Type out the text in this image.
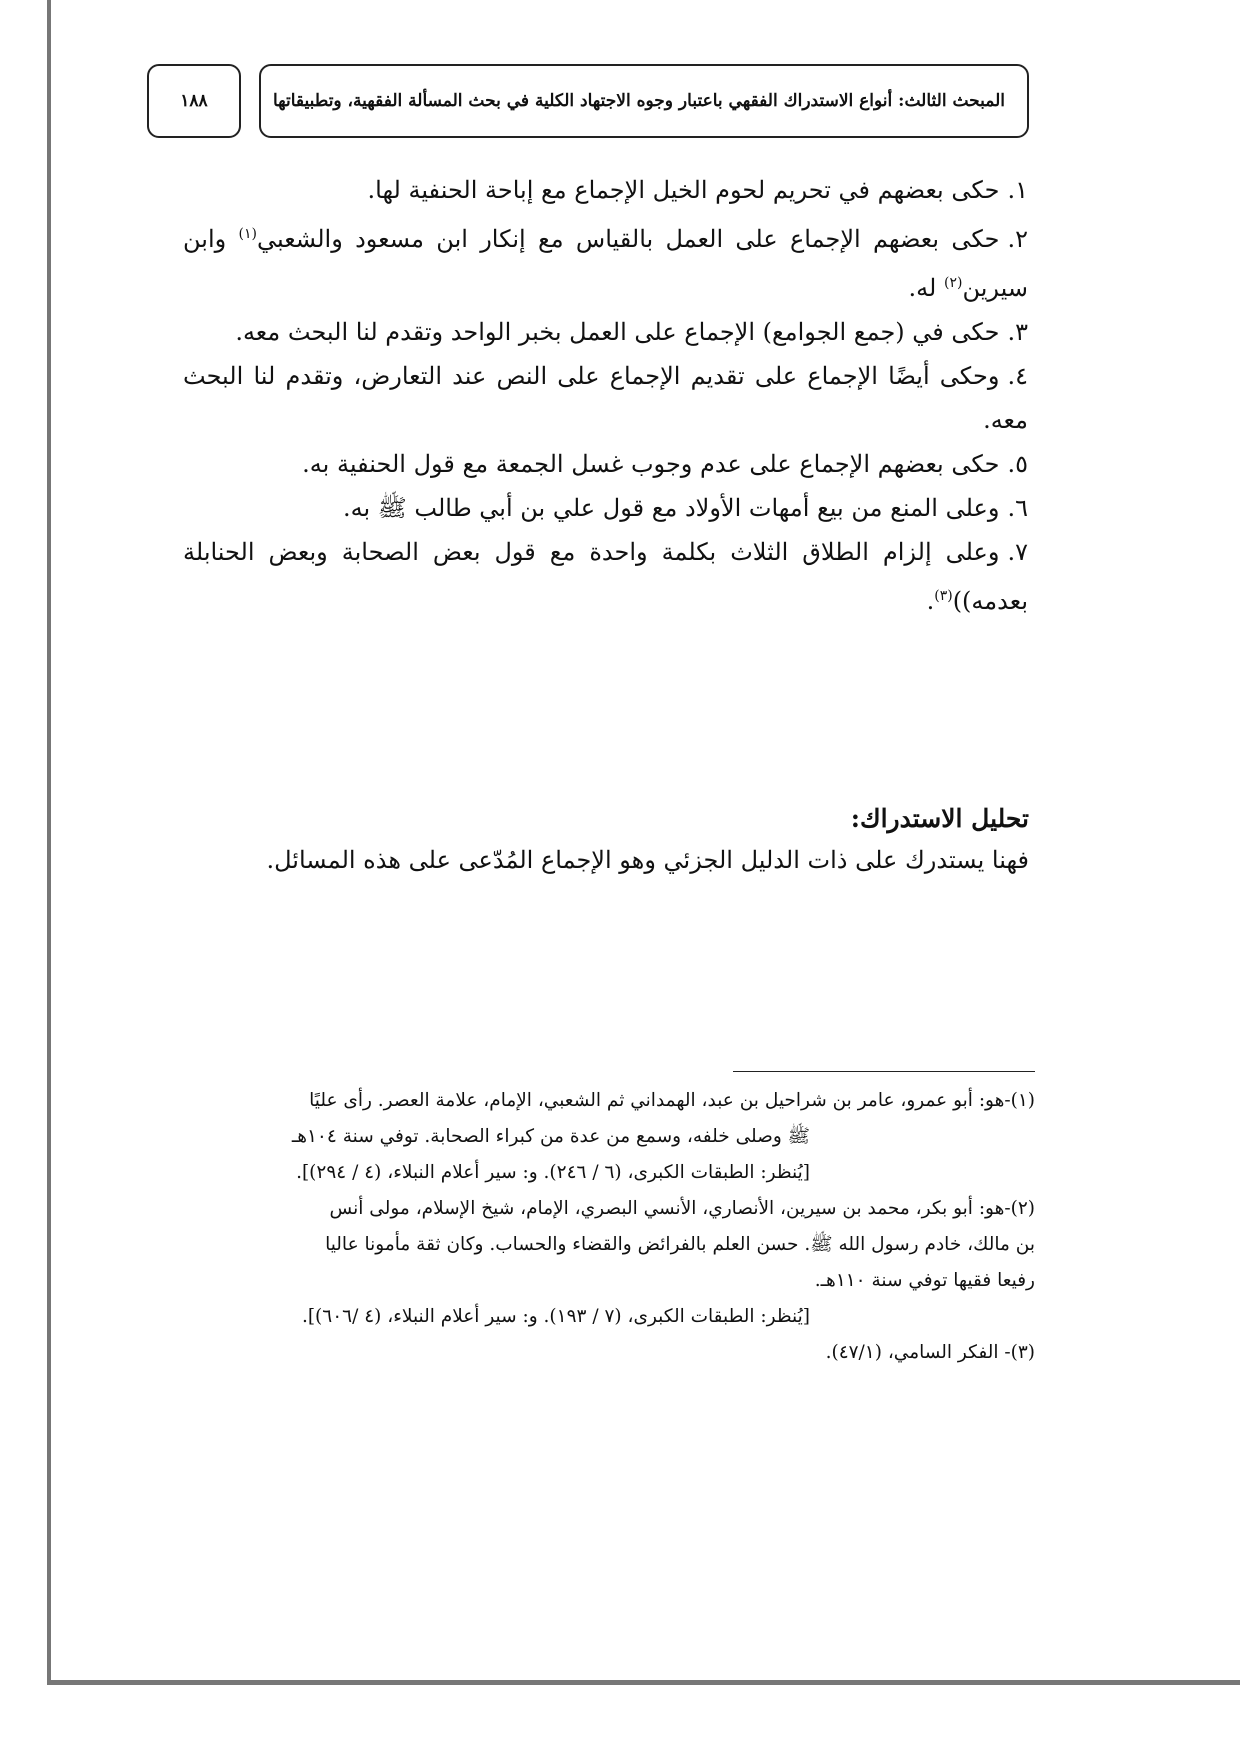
المبحث الثالث: أنواع الاستدراك الفقهي باعتبار وجوه الاجتهاد الكلية في بحث المسألة الفقهية، وتطبيقاتها
١٨٨
١.حكى بعضهم في تحريم لحوم الخيل الإجماع مع إباحة الحنفية لها.
٢.حكى بعضهم الإجماع على العمل بالقياس مع إنكار ابن مسعود والشعبي$^{(١)}$ وابن سيرين$^{(٢)}$ له.
٣.حكى في (جمع الجوامع) الإجماع على العمل بخبر الواحد وتقدم لنا البحث معه.
٤.وحكى أيضًا الإجماع على تقديم الإجماع على النص عند التعارض، وتقدم لنا البحث معه.
٥.حكى بعضهم الإجماع على عدم وجوب غسل الجمعة مع قول الحنفية به.
٦.وعلى المنع من بيع أمهات الأولاد مع قول علي بن أبي طالب ﷺ به.
٧.وعلى إلزام الطلاق الثلاث بكلمة واحدة مع قول بعض الصحابة وبعض الحنابلة بعدمه))$^{(٣)}$.
تحليل الاستدراك:
فهنا يستدرك على ذات الدليل الجزئي وهو الإجماع المُدّعى على هذه المسائل.

(١)-هو: أبو عمرو، عامر بن شراحيل بن عبد، الهمداني ثم الشعبي، الإمام، علامة العصر. رأى عليًا

ﷺ وصلى خلفه، وسمع من عدة من كبراء الصحابة. توفي سنة ١٠٤هـ

[يُنظر: الطبقات الكبرى، (٦ / ٢٤٦). و: سير أعلام النبلاء، (٤ / ٢٩٤)].

(٢)-هو: أبو بكر، محمد بن سيرين، الأنصاري، الأنسي البصري، الإمام، شيخ الإسلام، مولى أنس

بن مالك، خادم رسول الله ﷺ. حسن العلم بالفرائض والقضاء والحساب. وكان ثقة مأمونا عاليا

رفيعا فقيها توفي سنة ١١٠هـ.

[يُنظر: الطبقات الكبرى، (٧ / ١٩٣). و: سير أعلام النبلاء، (٤ /٦٠٦)].

(٣)- الفكر السامي، (٤٧/١).
